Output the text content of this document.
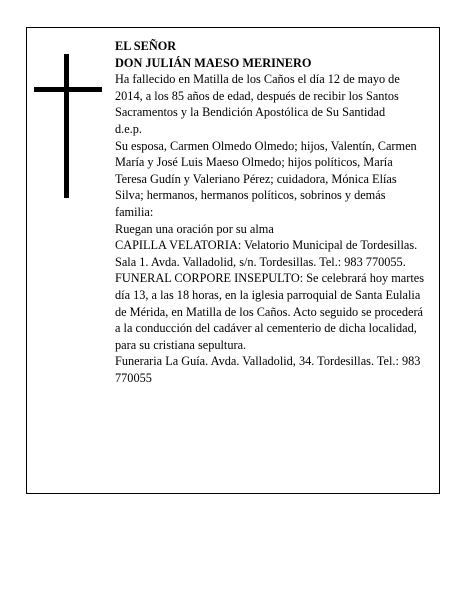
EL SEÑOR

DON JULIÁN MAESO MERINERO

Ha fallecido en Matilla de los Caños el día 12 de mayo de 2014, a los 85 años de edad, después de recibir los Santos Sacramentos y la Bendición Apostólica de Su Santidad

d.e.p.

Su esposa, Carmen Olmedo Olmedo; hijos, Valentín, Carmen María y José Luis Maeso Olmedo; hijos políticos, María Teresa Gudín y Valeriano Pérez; cuidadora, Mónica Elías Silva; hermanos, hermanos políticos, sobrinos y demás familia:

Ruegan una oración por su alma

CAPILLA VELATORIA: Velatorio Municipal de Tordesillas. Sala 1. Avda. Valladolid, s/n. Tordesillas. Tel.: 983 770055.

FUNERAL CORPORE INSEPULTO: Se celebrará hoy martes día 13, a las 18 horas, en la iglesia parroquial de Santa Eulalia de Mérida, en Matilla de los Caños. Acto seguido se procederá a la conducción del cadáver al cementerio de dicha localidad, para su cristiana sepultura.

Funeraria La Guía. Avda. Valladolid, 34. Tordesillas. Tel.: 983 770055
